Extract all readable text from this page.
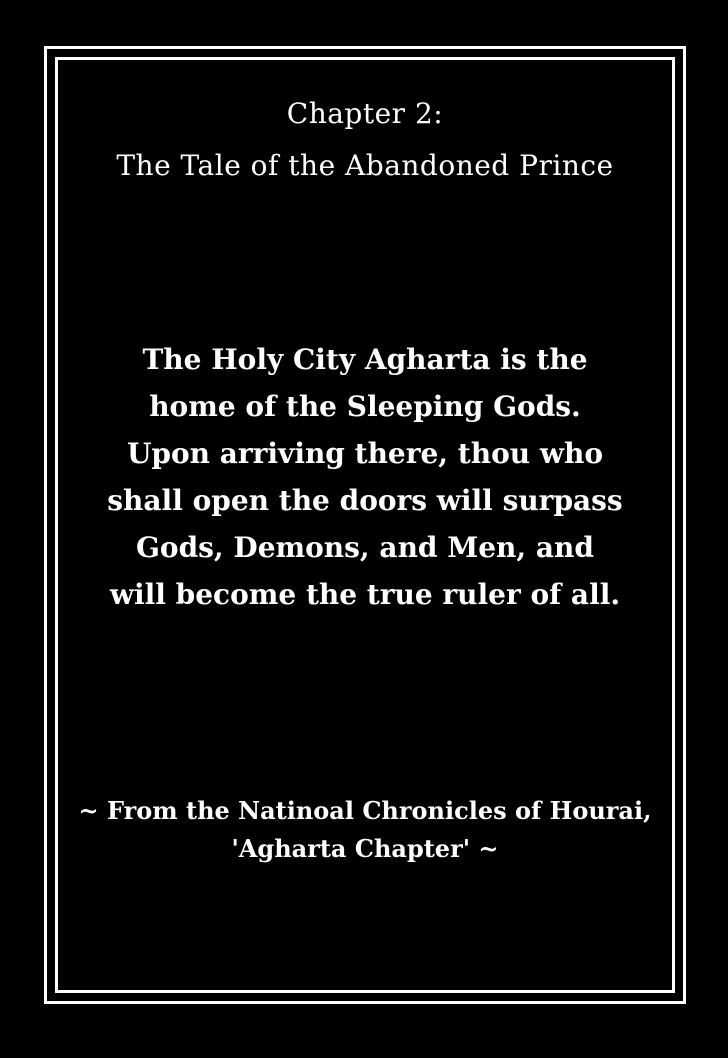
Chapter 2:
The Tale of the Abandoned Prince
The Holy City Agharta is the
home of the Sleeping Gods.
Upon arriving there, thou who
shall open the doors will surpass
Gods, Demons, and Men, and
will become the true ruler of all.
~ From the Natinoal Chronicles of Hourai,
'Agharta Chapter' ~
